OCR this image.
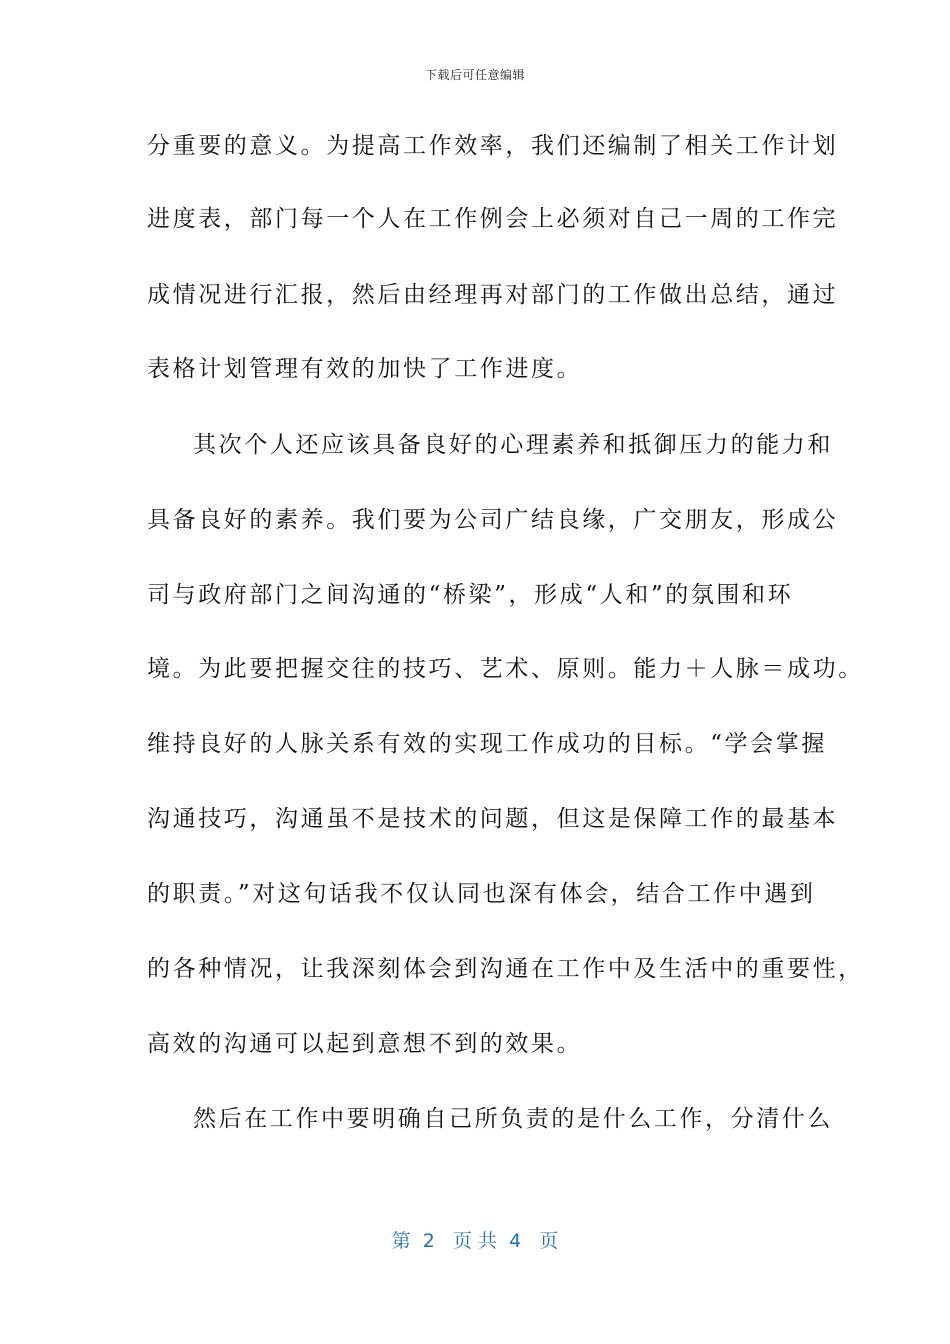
下载后可任意编辑
分重要的意义。为提高工作效率，我们还编制了相关工作计划
进度表，部门每一个人在工作例会上必须对自己一周的工作完
成情况进行汇报，然后由经理再对部门的工作做出总结，通过
表格计划管理有效的加快了工作进度。
其次个人还应该具备良好的心理素养和抵御压力的能力和
具备良好的素养。我们要为公司广结良缘，广交朋友，形成公
司与政府部门之间沟通的“桥梁”，形成“人和”的氛围和环
境。为此要把握交往的技巧、艺术、原则。能力＋人脉＝成功。
维持良好的人脉关系有效的实现工作成功的目标。“学会掌握
沟通技巧，沟通虽不是技术的问题，但这是保障工作的最基本
的职责。”对这句话我不仅认同也深有体会，结合工作中遇到
的各种情况，让我深刻体会到沟通在工作中及生活中的重要性，
高效的沟通可以起到意想不到的效果。
然后在工作中要明确自己所负责的是什么工作，分清什么
第  2   页 共  4   页
